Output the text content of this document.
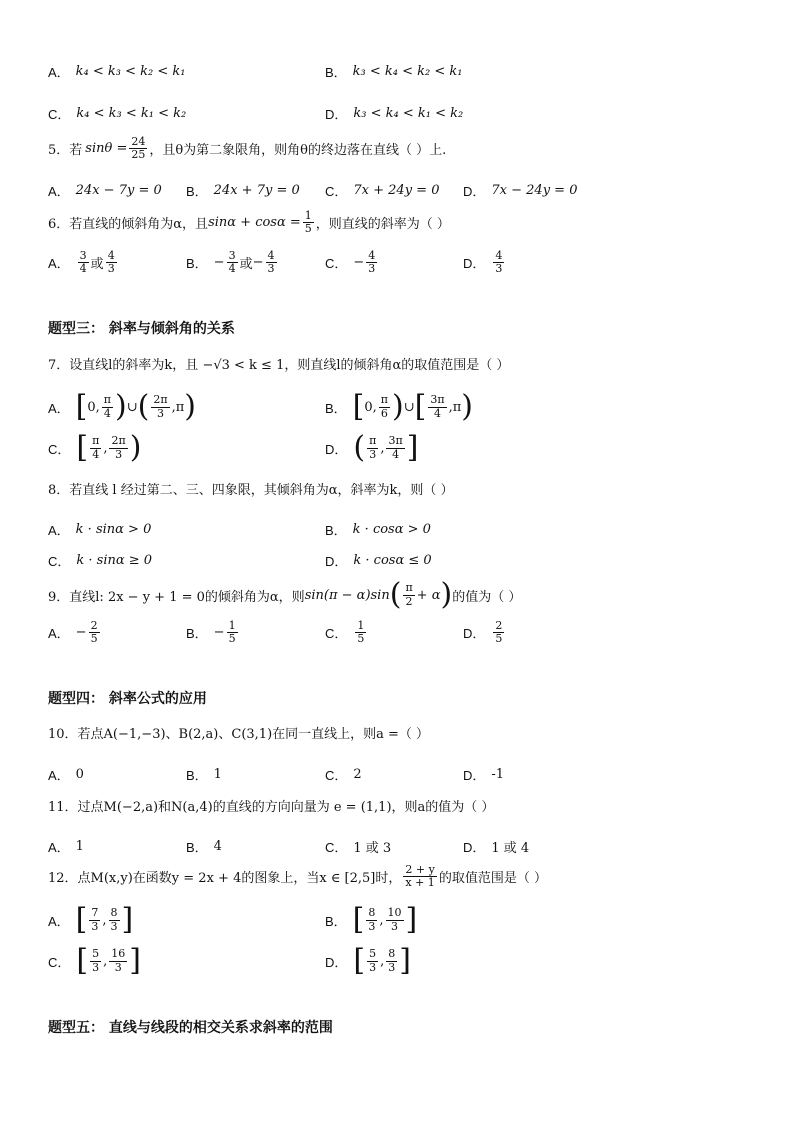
A． k₄ < k₃ < k₂ < k₁	B． k₃ < k₄ < k₂ < k₁
C． k₄ < k₃ < k₁ < k₂	D． k₃ < k₄ < k₁ < k₂
5．若 $\sin\theta = \frac{24}{25}$ ，且θ为第二象限角，则角θ的终边落在直线（ ）上.
A． 24x − 7y = 0 B． 24x + 7y = 0 C． 7x + 24y = 0 D． 7x − 24y = 0
6．若直线的倾斜角为α，且 $\sin\alpha + \cos\alpha = \frac{1}{5}$ ，则直线的斜率为（ ）
A． $\frac{3}{4}$ 或 $\frac{4}{3}$	B． − $\frac{3}{4}$ 或 − $\frac{4}{3}$	C． − $\frac{4}{3}$	D． $\frac{4}{3}$
题型三： 斜率与倾斜角的关系
7．设直线l的斜率为k，且 −√3 < k ≤ 1，则直线l的倾斜角α的取值范围是（ ）
A． [ 0, $\frac{\pi}{4}$ ) ∪ ( $\frac{2\pi}{3}$ , π )	B． [ 0, $\frac{\pi}{6}$ ) ∪ [ $\frac{3\pi}{4}$ , π )
C． [ $\frac{\pi}{4}$ , $\frac{2\pi}{3}$ )	D． ( $\frac{\pi}{3}$ , $\frac{3\pi}{4}$ ]
8．若直线 l 经过第二、三、四象限，其倾斜角为α，斜率为k，则（ ）
A． k · sinα > 0	B． k · cosα > 0
C． k · sinα ≥ 0	D． k · cosα ≤ 0
9．直线l: 2x − y + 1 = 0的倾斜角为α，则 sin(π − α)sin ( $\frac{\pi}{2} + \alpha$ ) 的值为（ ）
A． − $\frac{2}{5}$	B． − $\frac{1}{5}$	C． $\frac{1}{5}$	D． $\frac{2}{5}$
题型四： 斜率公式的应用
10．若点A(−1,−3)、B(2,a)、C(3,1)在同一直线上，则a =（ ）
A． 0	B． 1	C． 2	D． -1
11．过点M(−2,a)和N(a,4)的直线的方向向量为 e = (1,1)，则a的值为（ ）
A． 1	B． 4	C． 1 或 3	D． 1 或 4
12．点M(x,y)在函数y = 2x + 4的图象上，当x ∈ [2,5]时， $\frac{2 + y}{x + 1}$ 的取值范围是（ ）
A． [ $\frac{7}{3}$ , $\frac{8}{3}$ ]	B． [ $\frac{8}{3}$ , $\frac{10}{3}$ ]
C． [ $\frac{5}{3}$ , $\frac{16}{3}$ ]	D． [ $\frac{5}{3}$ , $\frac{8}{3}$ ]
题型五： 直线与线段的相交关系求斜率的范围
